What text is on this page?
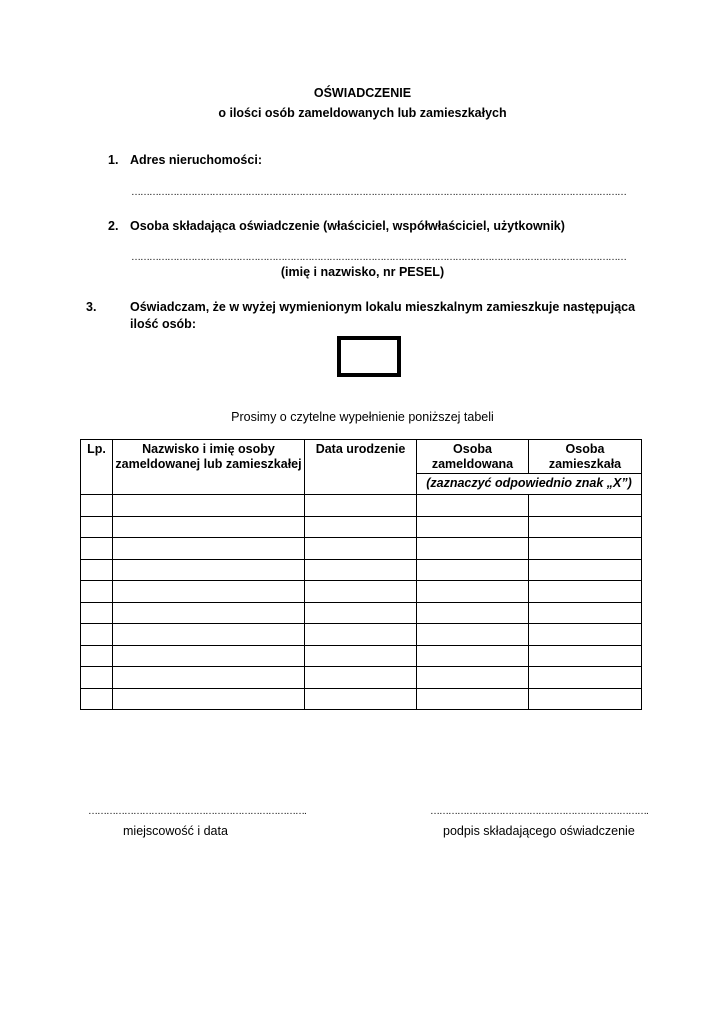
OŚWIADCZENIE
o ilości osób zameldowanych lub zamieszkałych
1. Adres nieruchomości:
…………………………………………………………………………………………………………………………………………………
2. Osoba składająca oświadczenie (właściciel, współwłaściciel, użytkownik)
…………………………………………………………………………………………………………………………………………………
(imię i nazwisko, nr PESEL)
3.	Oświadczam, że w wyżej wymienionym lokalu mieszkalnym zamieszkuje następująca ilość osób:
Prosimy o czytelne wypełnienie poniższej tabeli
Lp.	Nazwisko i imię osoby zameldowanej lub zamieszkałej	Data urodzenie	Osoba zameldowana	Osoba zamieszkała
			(zaznaczyć odpowiednio znak „X”)	

……………………………………………………………….	……………………………………………………………….
miejscowość i data	podpis składającego oświadczenie
